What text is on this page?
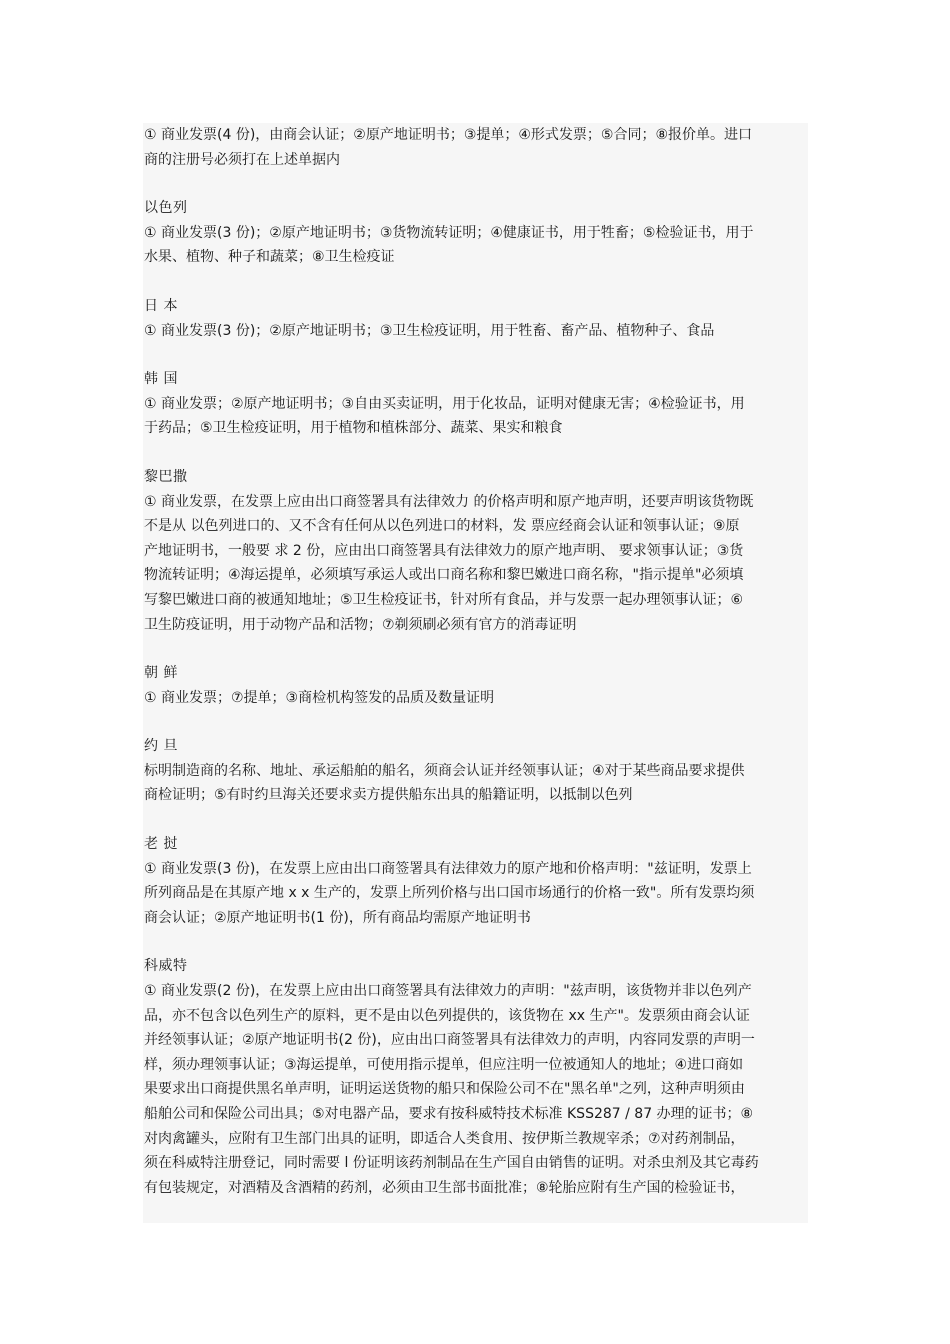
① 商业发票(4 份)，由商会认证；②原产地证明书；③提单；④形式发票；⑤合同；⑧报价单。进口
商的注册号必须打在上述单据内
以色列
① 商业发票(3 份)；②原产地证明书；③货物流转证明；④健康证书，用于牲畜；⑤检验证书，用于
水果、植物、种子和蔬菜；⑧卫生检疫证
日 本
① 商业发票(3 份)；②原产地证明书；③卫生检疫证明，用于牲畜、畜产品、植物种子、食品
韩 国
① 商业发票；②原产地证明书；③自由买卖证明，用于化妆品，证明对健康无害；④检验证书，用
于药品；⑤卫生检疫证明，用于植物和植株部分、蔬菜、果实和粮食
黎巴撒
① 商业发票，在发票上应由出口商签署具有法律效力 的价格声明和原产地声明，还要声明该货物既
不是从 以色列进口的、又不含有任何从以色列进口的材料，发 票应经商会认证和领事认证；⑨原
产地证明书，一般要 求 2 份，应由出口商签署具有法律效力的原产地声明、 要求领事认证；③货
物流转证明；④海运提单，必须填写承运人或出口商名称和黎巴嫩进口商名称，"指示提单"必须填
写黎巴嫩进口商的被通知地址；⑤卫生检疫证书，针对所有食品，并与发票一起办理领事认证；⑥
卫生防疫证明，用于动物产品和活物；⑦剃须刷必须有官方的消毒证明
朝 鲜
① 商业发票；⑦提单；③商检机构签发的品质及数量证明
约 旦
标明制造商的名称、地址、承运船舶的船名，须商会认证并经领事认证；④对于某些商品要求提供
商检证明；⑤有时约旦海关还要求卖方提供船东出具的船籍证明，以抵制以色列
老 挝
① 商业发票(3 份)，在发票上应由出口商签署具有法律效力的原产地和价格声明："兹证明，发票上
所列商品是在其原产地 x x 生产的，发票上所列价格与出口国市场通行的价格一致"。所有发票均须
商会认证；②原产地证明书(1 份)，所有商品均需原产地证明书
科威特
① 商业发票(2 份)，在发票上应由出口商签署具有法律效力的声明："兹声明，该货物并非以色列产
品，亦不包含以色列生产的原料，更不是由以色列提供的，该货物在 xx 生产"。发票须由商会认证
并经领事认证；②原产地证明书(2 份)，应由出口商签署具有法律效力的声明，内容同发票的声明一
样，须办理领事认证；③海运提单，可使用指示提单，但应注明一位被通知人的地址；④进口商如
果要求出口商提供黑名单声明，证明运送货物的船只和保险公司不在"黑名单"之列，这种声明须由
船舶公司和保险公司出具；⑤对电器产品，要求有按科威特技术标准 KSS287 / 87 办理的证书；⑧
对肉禽罐头，应附有卫生部门出具的证明，即适合人类食用、按伊斯兰教规宰杀；⑦对药剂制品，
须在科威特注册登记，同时需要 l 份证明该药剂制品在生产国自由销售的证明。对杀虫剂及其它毒药
有包装规定，对酒精及含酒精的药剂，必须由卫生部书面批准；⑧轮胎应附有生产国的检验证书，
